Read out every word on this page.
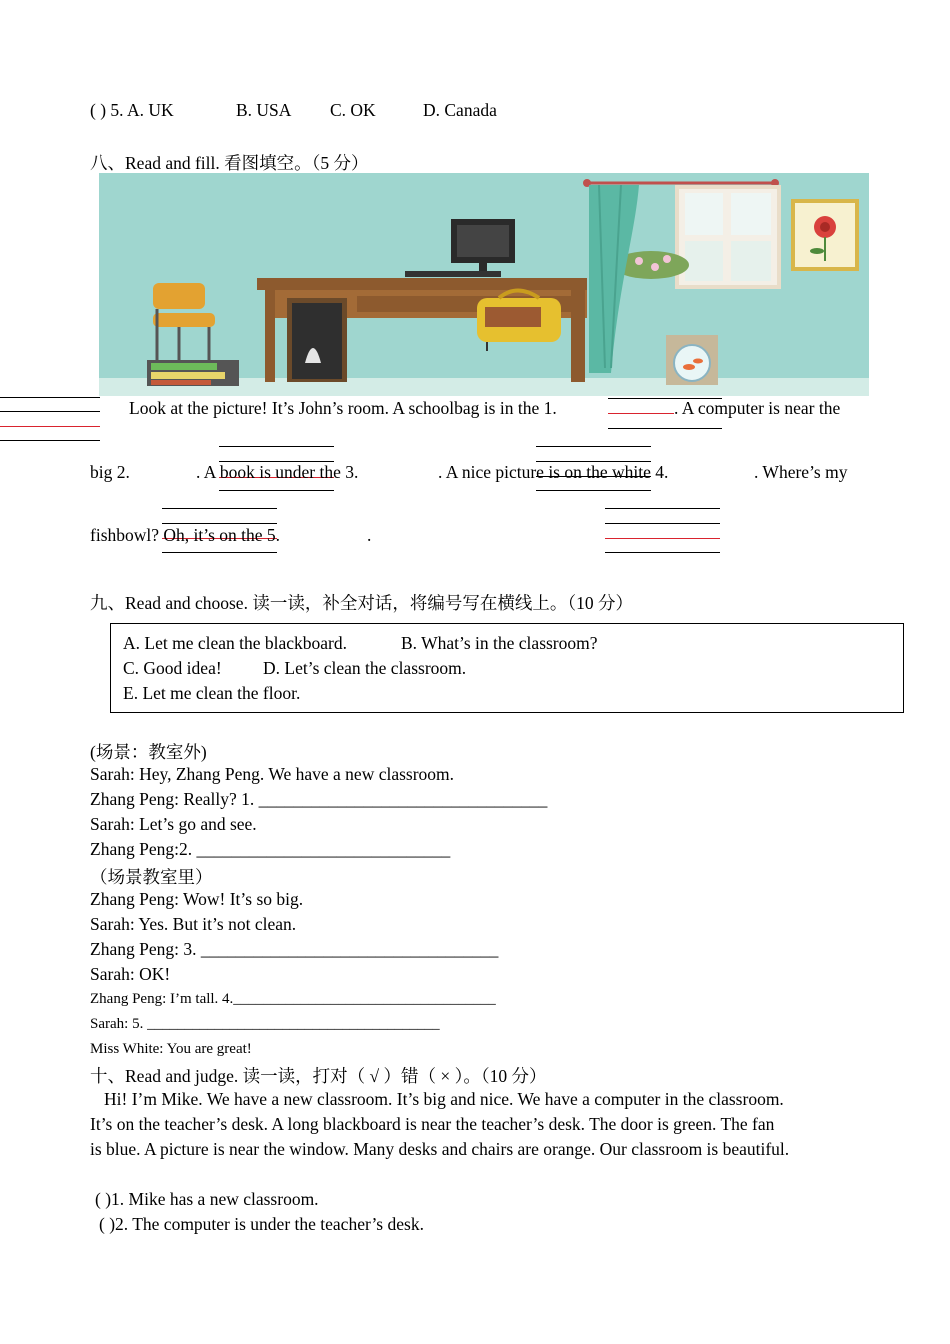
( ) 5. A. UK	B. USA C. OK	D. Canada
八、Read and fill. 看图填空。（5 分）
Look at the picture! It’s John’s room. A schoolbag is in the 1.	. A computer is near the
big 2.	. A book is under the 3.	. A nice picture is on the white 4.	. Where’s my
fishbowl? Oh, it’s on the 5.	.
九、Read and choose. 读一读，补全对话，将编号写在横线上。（10 分）
A. Let me clean the blackboard.	B. What’s in the classroom?
C. Good idea! D. Let’s clean the classroom.
E. Let me clean the floor.
(场景：教室外)
Sarah: Hey, Zhang Peng. We have a new classroom.
Zhang Peng: Really? 1. _________________________________
Sarah: Let’s go and see.
Zhang Peng:2. _____________________________
（场景教室里）
Zhang Peng: Wow! It’s so big.
Sarah: Yes. But it’s not clean.
Zhang Peng: 3. __________________________________
Sarah: OK!
Zhang Peng: I’m tall. 4.___________________________________
Sarah: 5. _______________________________________
Miss White: You are great!
十、Read and judge. 读一读，打对（ √ ）错（ × ）。（10 分）
Hi! I’m Mike. We have a new classroom. It’s big and nice. We have a computer in the classroom.
It’s on the teacher’s desk. A long blackboard is near the teacher’s desk. The door is green. The fan
is blue. A picture is near the window. Many desks and chairs are orange. Our classroom is beautiful.
( )1. Mike has a new classroom.
( )2. The computer is under the teacher’s desk.
